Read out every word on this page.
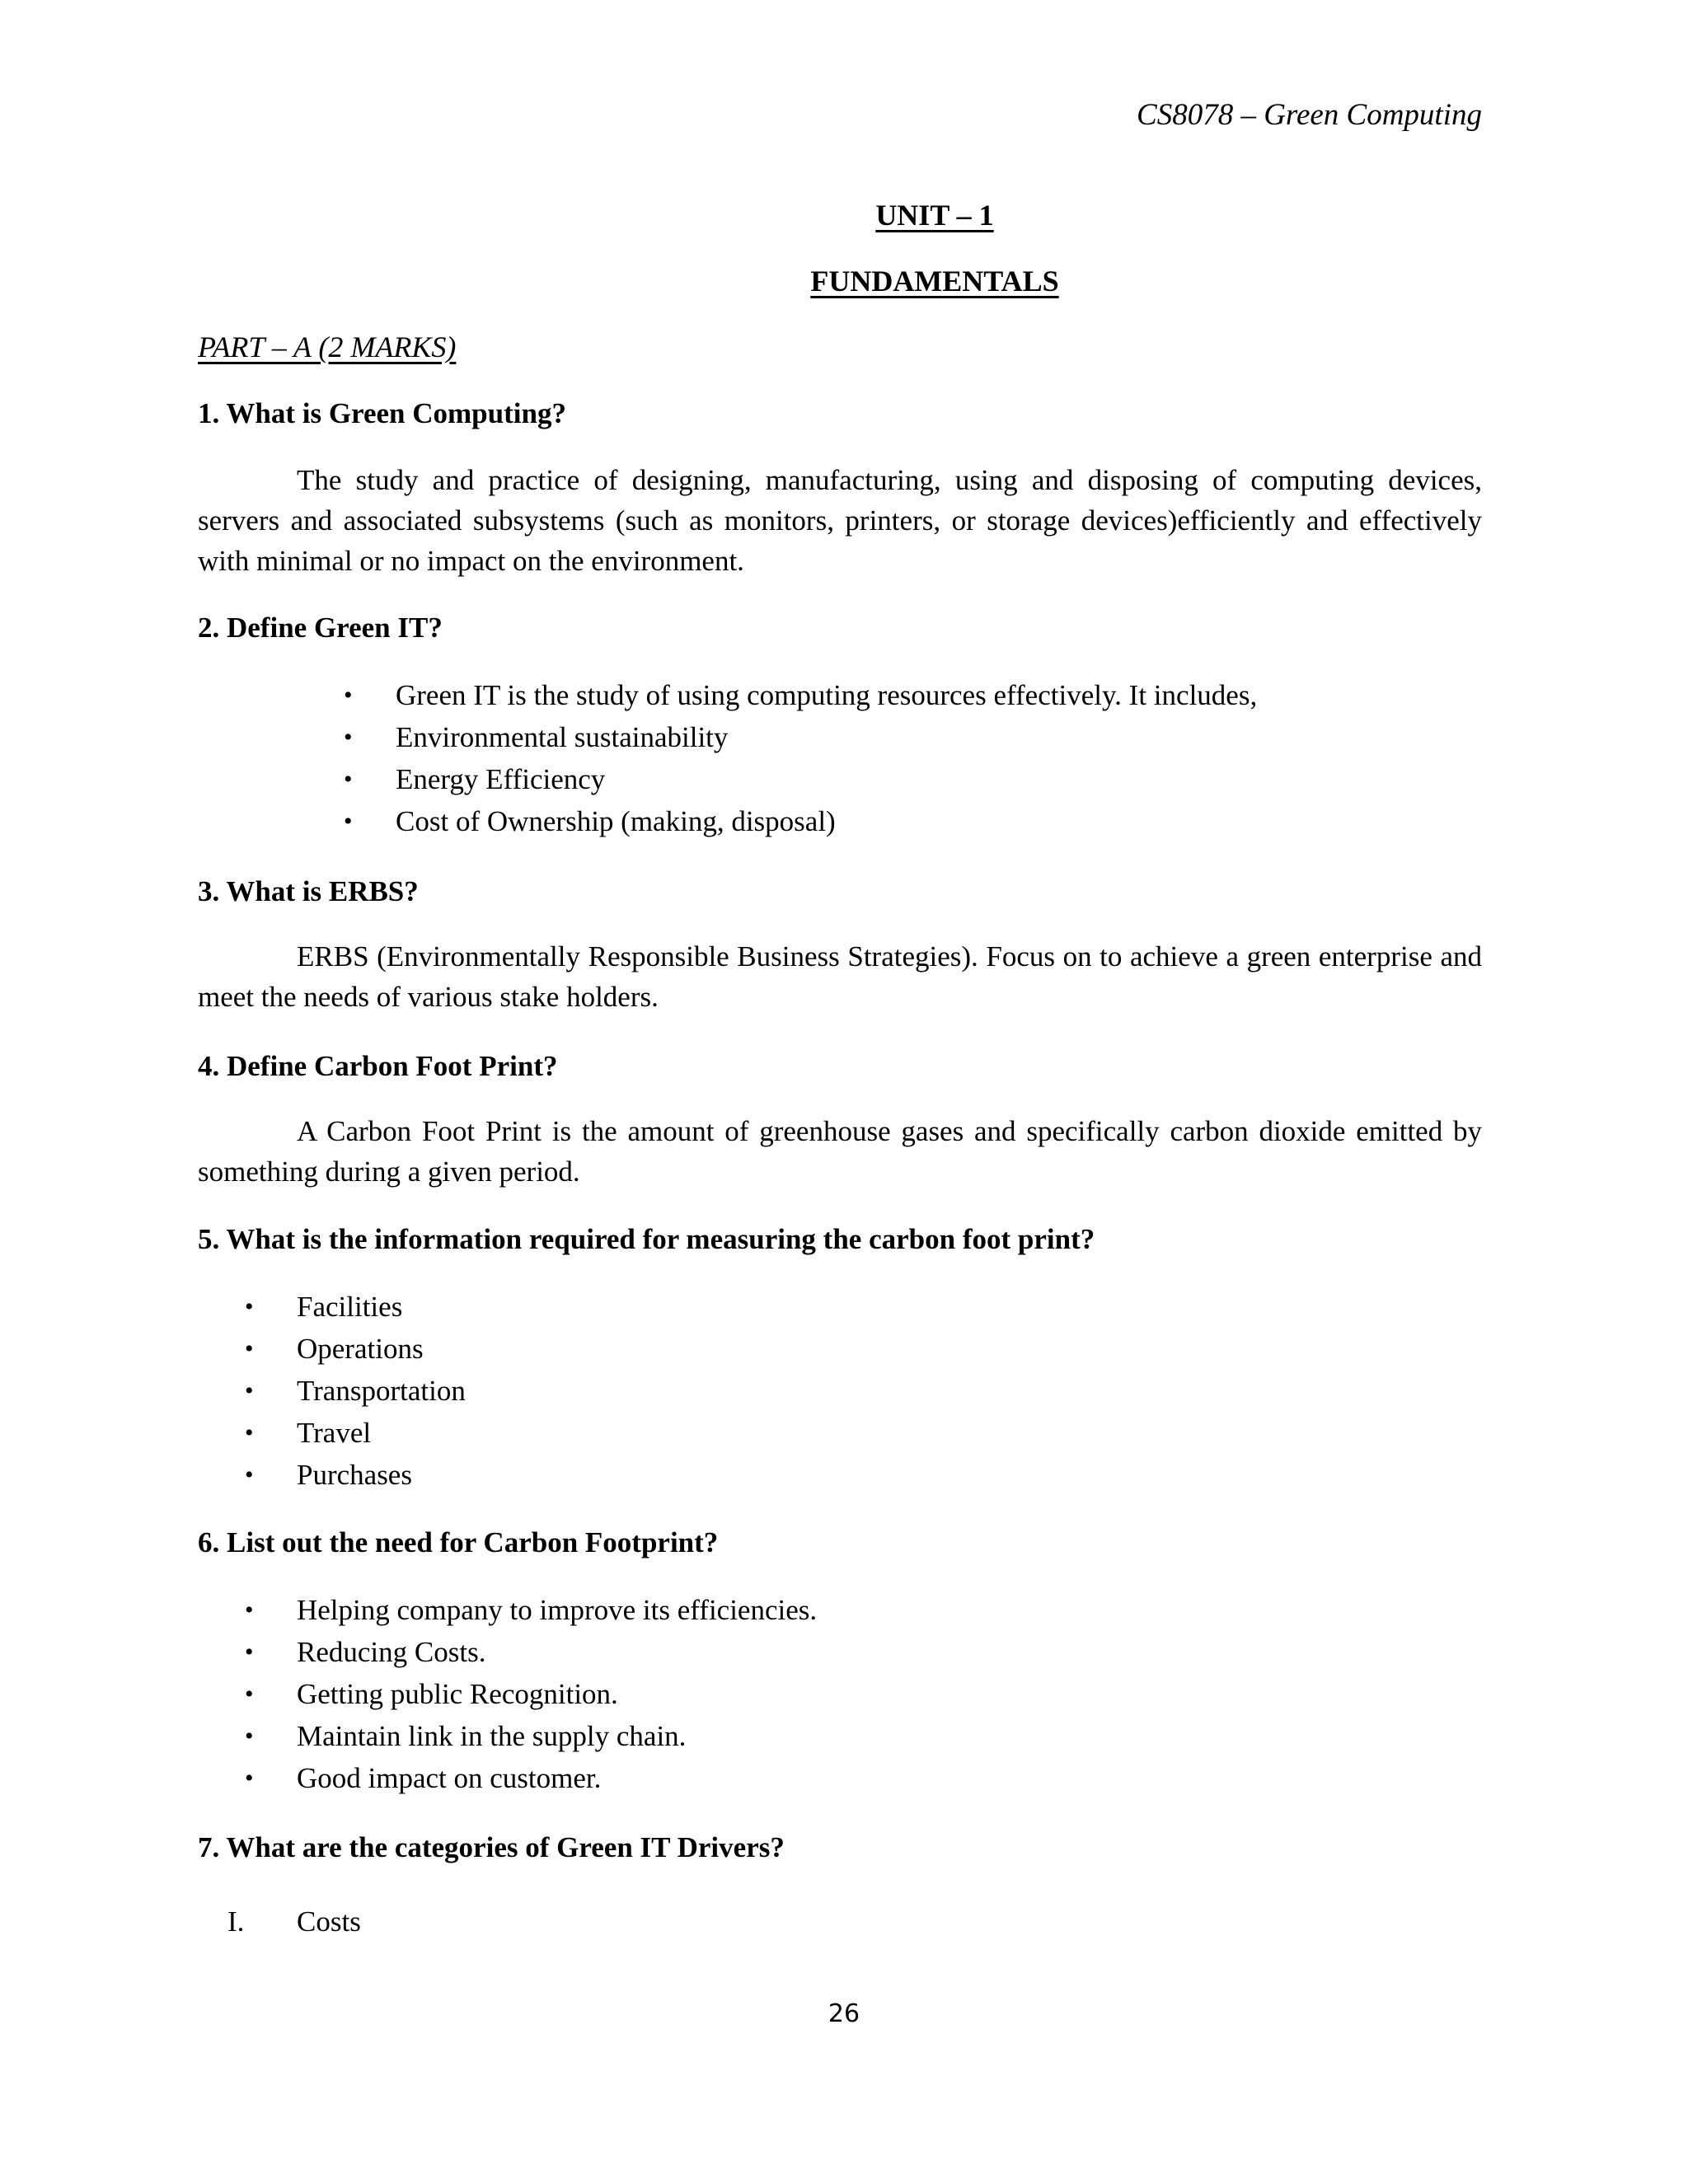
CS8078 – Green Computing

UNIT – 1

FUNDAMENTALS

PART – A (2 MARKS)

1. What is Green Computing?

The study and practice of designing, manufacturing, using and disposing of computing devices, servers and associated subsystems (such as monitors, printers, or storage devices)efficiently and effectively with minimal or no impact on the environment.

2. Define Green IT?

• Green IT is the study of using computing resources effectively. It includes,
• Environmental sustainability
• Energy Efficiency
• Cost of Ownership (making, disposal)

3. What is ERBS?

ERBS (Environmentally Responsible Business Strategies). Focus on to achieve a green enterprise and meet the needs of various stake holders.

4. Define Carbon Foot Print?

A Carbon Foot Print is the amount of greenhouse gases and specifically carbon dioxide emitted by something during a given period.

5. What is the information required for measuring the carbon foot print?

• Facilities
• Operations
• Transportation
• Travel
• Purchases

6. List out the need for Carbon Footprint?

• Helping company to improve its efficiencies.
• Reducing Costs.
• Getting public Recognition.
• Maintain link in the supply chain.
• Good impact on customer.

7. What are the categories of Green IT Drivers?

I. Costs

26
